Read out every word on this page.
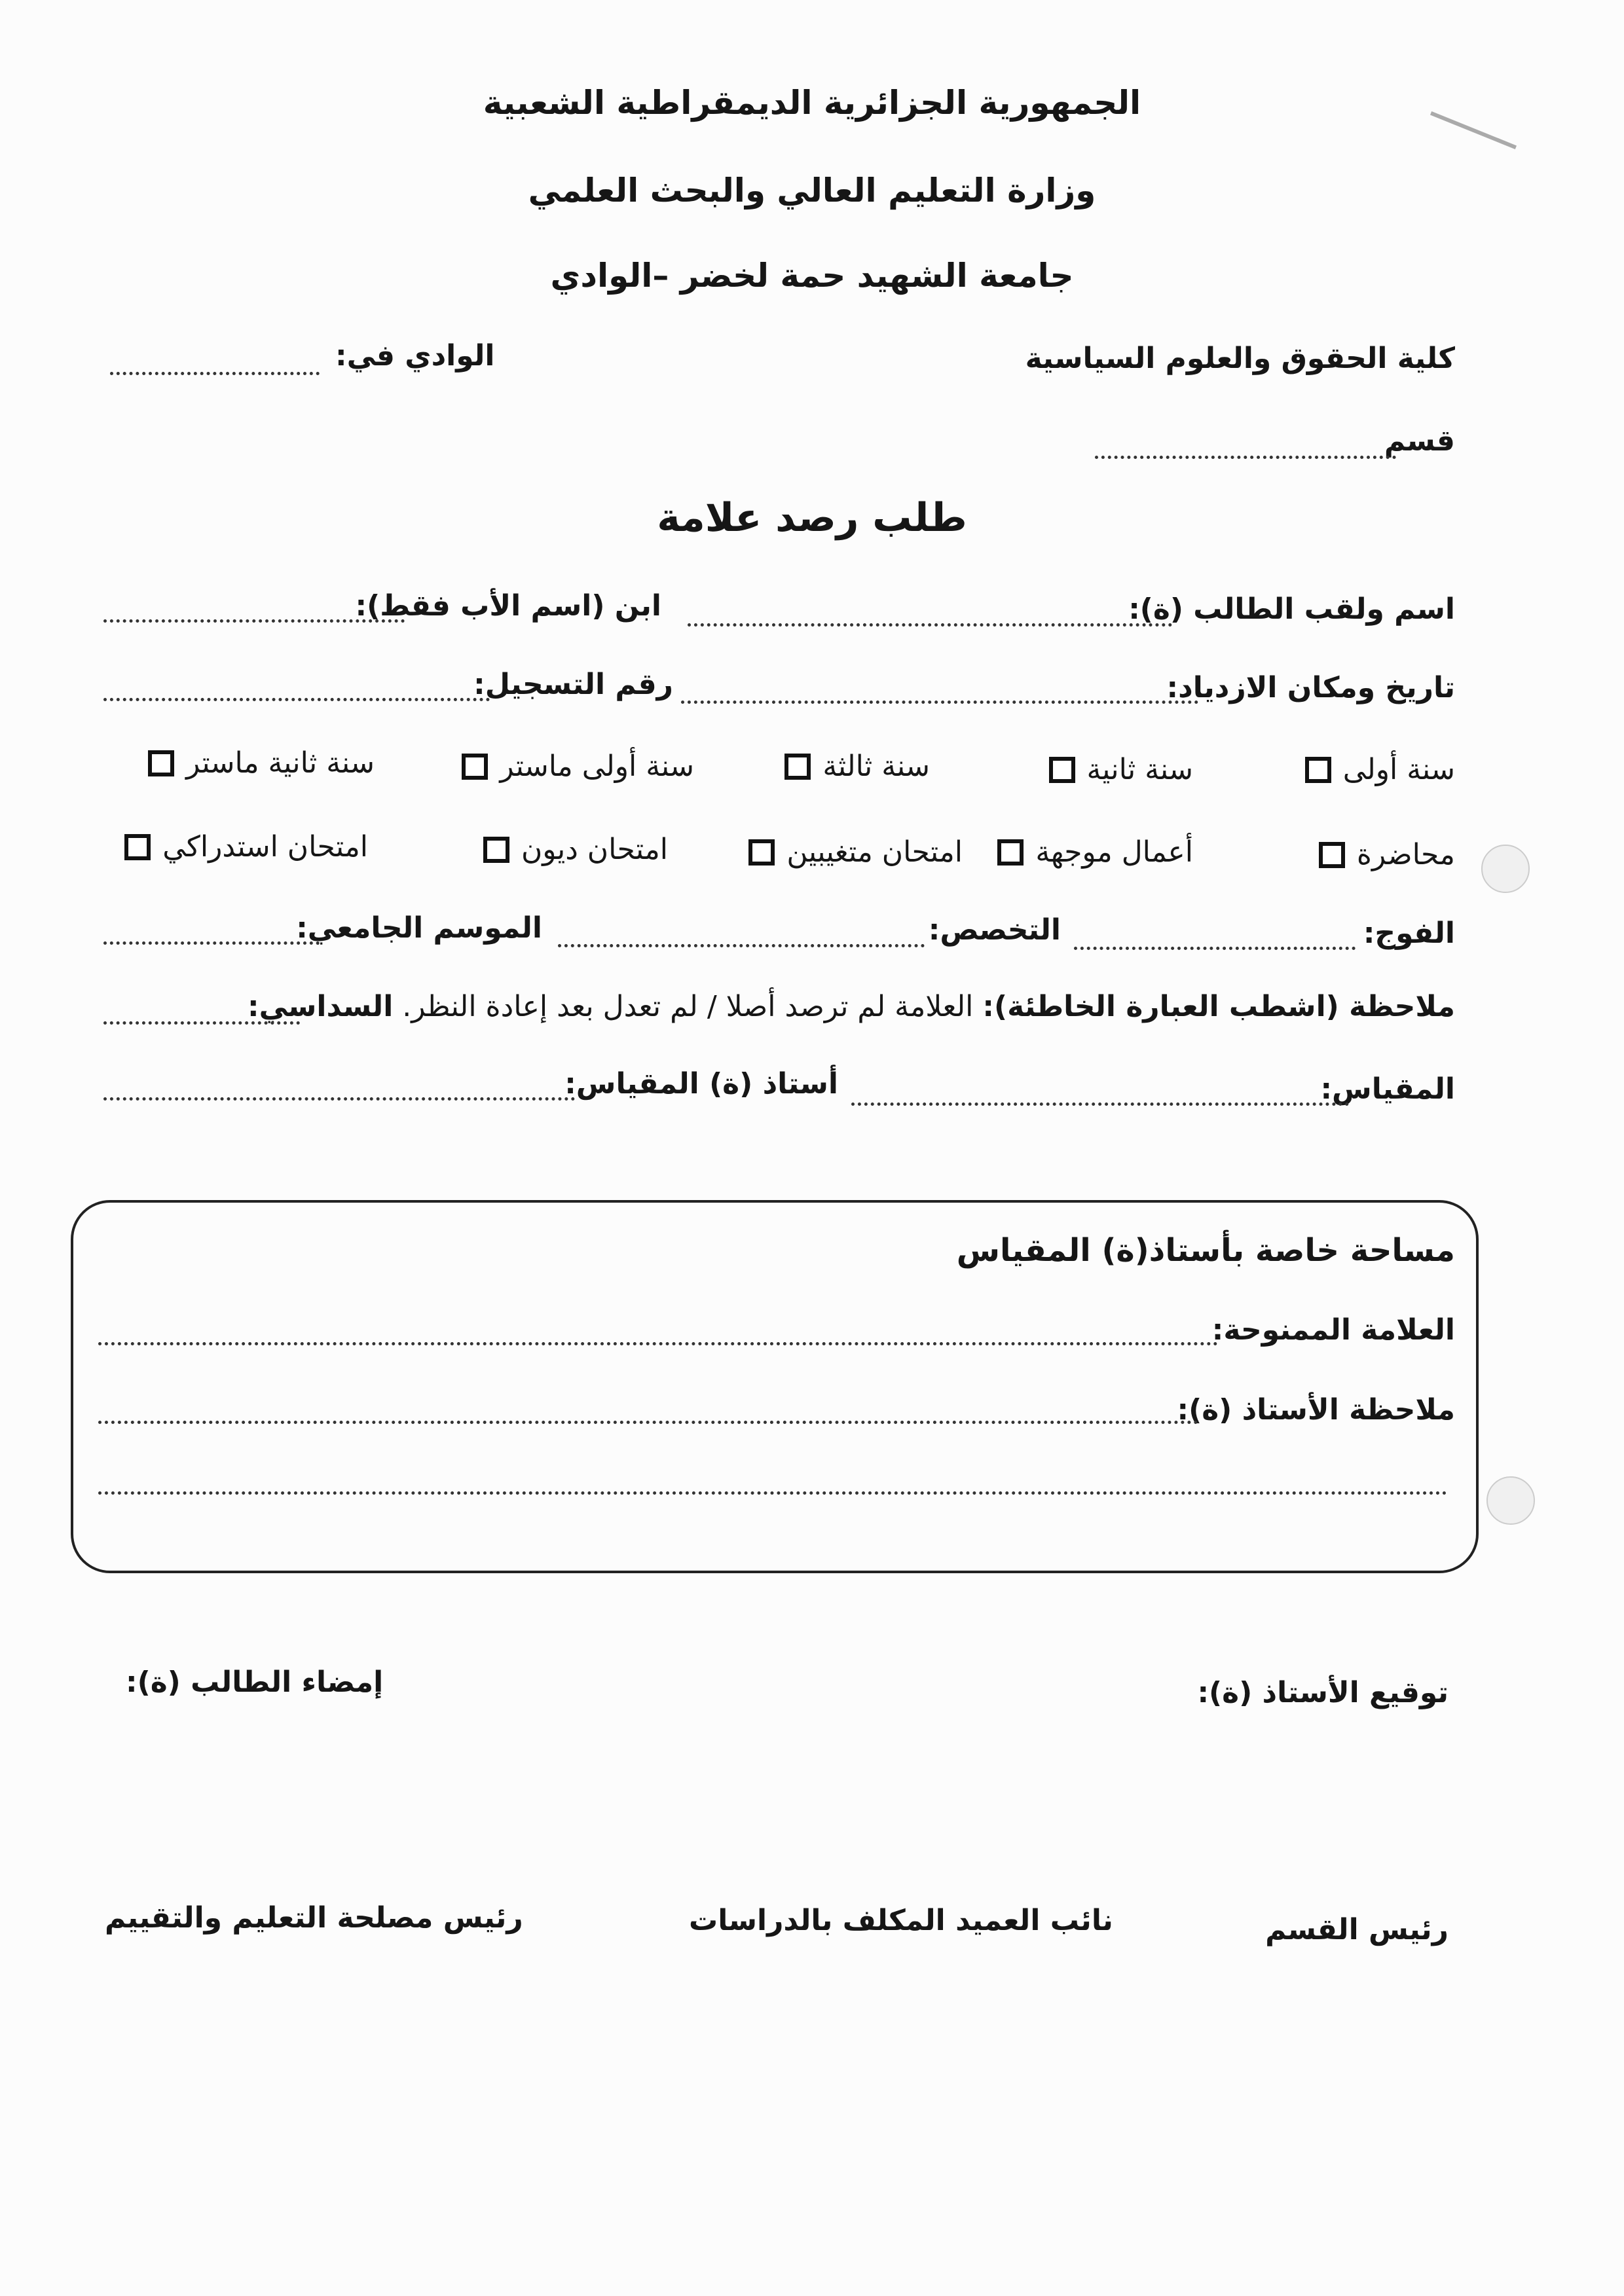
الجمهورية الجزائرية الديمقراطية الشعبية
وزارة التعليم العالي والبحث العلمي
جامعة الشهيد حمة لخضر –الوادي
كلية الحقوق والعلوم السياسية
الوادي في:
قسم
طلب رصد علامة
اسم ولقب الطالب (ة):
ابن (اسم الأب فقط):
تاريخ ومكان الازدياد:
رقم التسجيل:
سنة أولى
سنة ثانية
سنة ثالثة
سنة أولى ماستر
سنة ثانية ماستر
محاضرة
أعمال موجهة
امتحان متغيبين
امتحان ديون
امتحان استدراكي
الفوج:
التخصص:
الموسم الجامعي:
ملاحظة (اشطب العبارة الخاطئة): العلامة لم ترصد أصلا / لم تعدل بعد إعادة النظر. السداسي:
المقياس:
أستاذ (ة) المقياس:
مساحة خاصة بأستاذ(ة) المقياس
العلامة الممنوحة:
ملاحظة الأستاذ (ة):
توقيع الأستاذ (ة):
إمضاء الطالب (ة):
رئيس القسم
نائب العميد المكلف بالدراسات
رئيس مصلحة التعليم والتقييم
